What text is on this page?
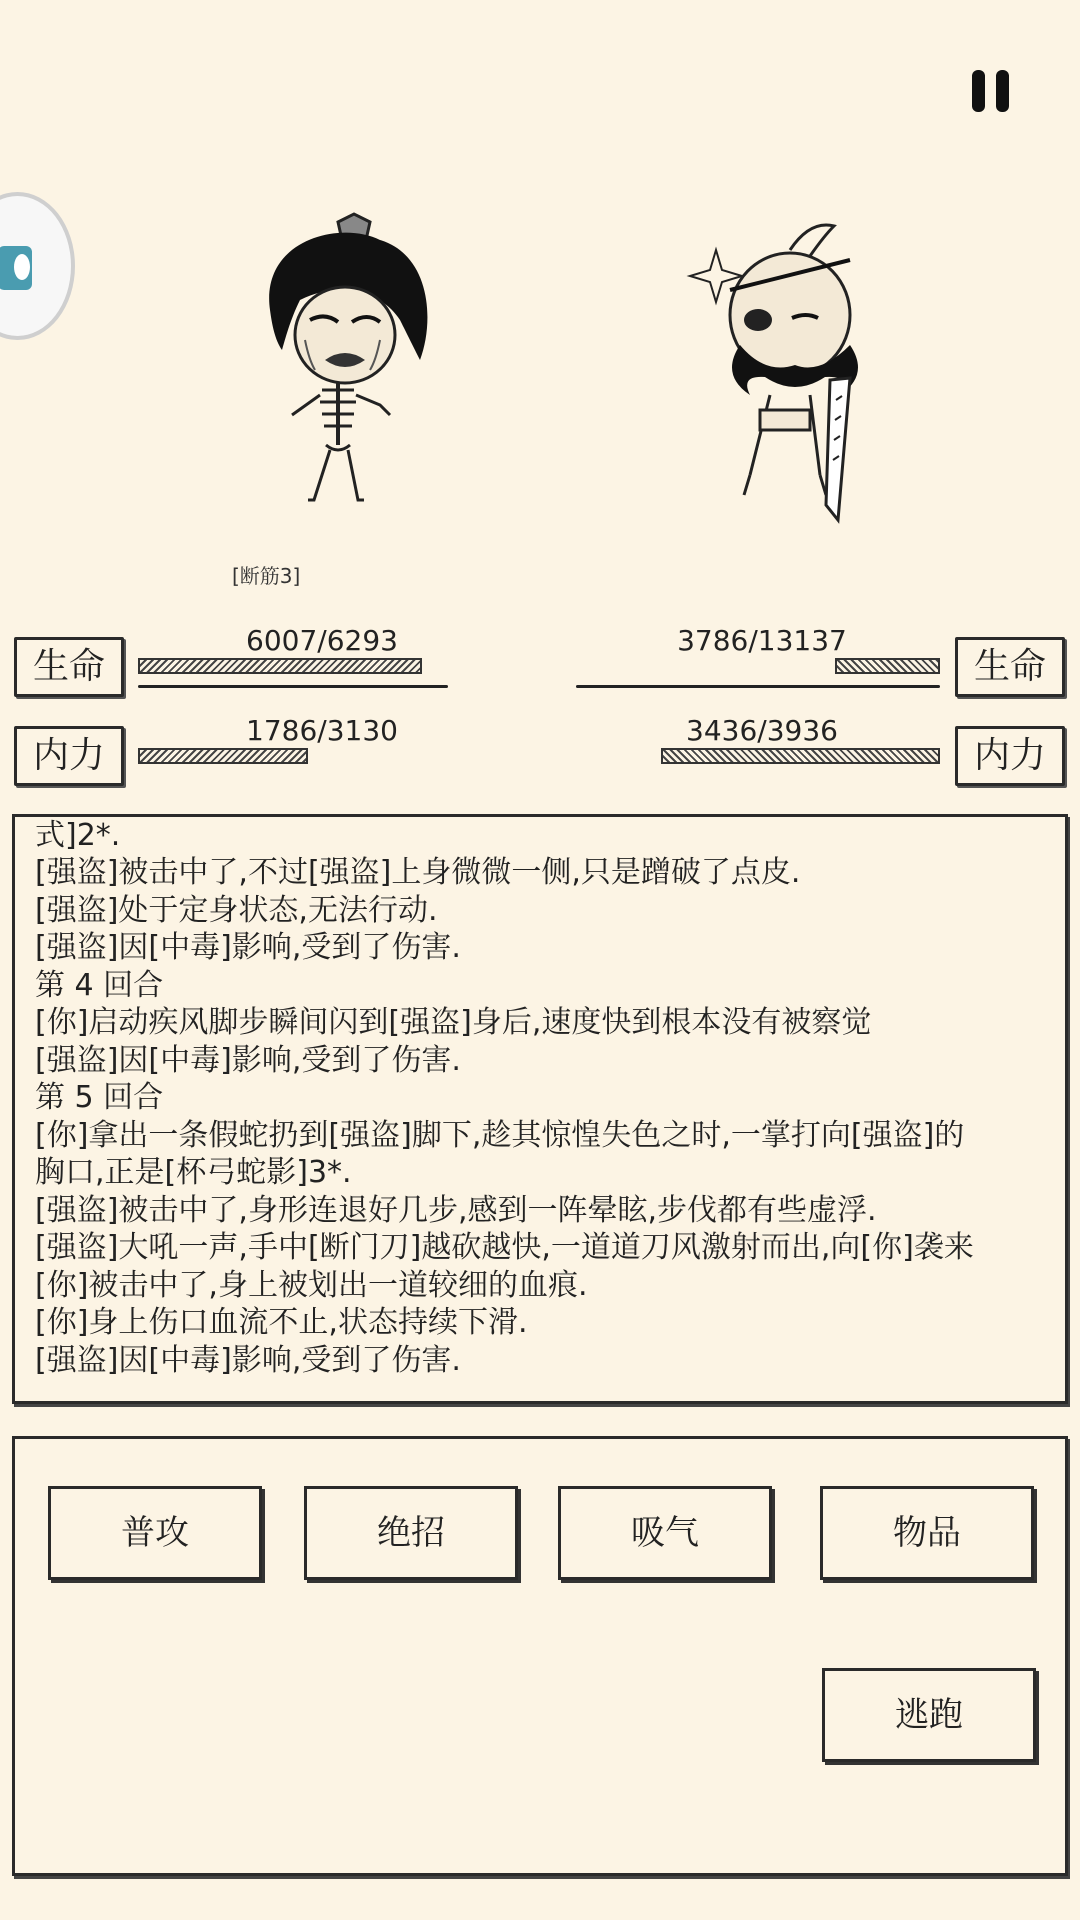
[断筋3]
生命
6007/6293
内力
1786/3130
生命
3786/13137
内力
3436/3936
式]2*.
[强盗]被击中了,不过[强盗]上身微微一侧,只是蹭破了点皮.
[强盗]处于定身状态,无法行动.
[强盗]因[中毒]影响,受到了伤害.
第 4 回合
[你]启动疾风脚步瞬间闪到[强盗]身后,速度快到根本没有被察觉
[强盗]因[中毒]影响,受到了伤害.
第 5 回合
[你]拿出一条假蛇扔到[强盗]脚下,趁其惊惶失色之时,一掌打向[强盗]的
胸口,正是[杯弓蛇影]3*.
[强盗]被击中了,身形连退好几步,感到一阵晕眩,步伐都有些虚浮.
[强盗]大吼一声,手中[断门刀]越砍越快,一道道刀风激射而出,向[你]袭来
[你]被击中了,身上被划出一道较细的血痕.
[你]身上伤口血流不止,状态持续下滑.
[强盗]因[中毒]影响,受到了伤害.
普攻	绝招	吸气	物品
逃跑
